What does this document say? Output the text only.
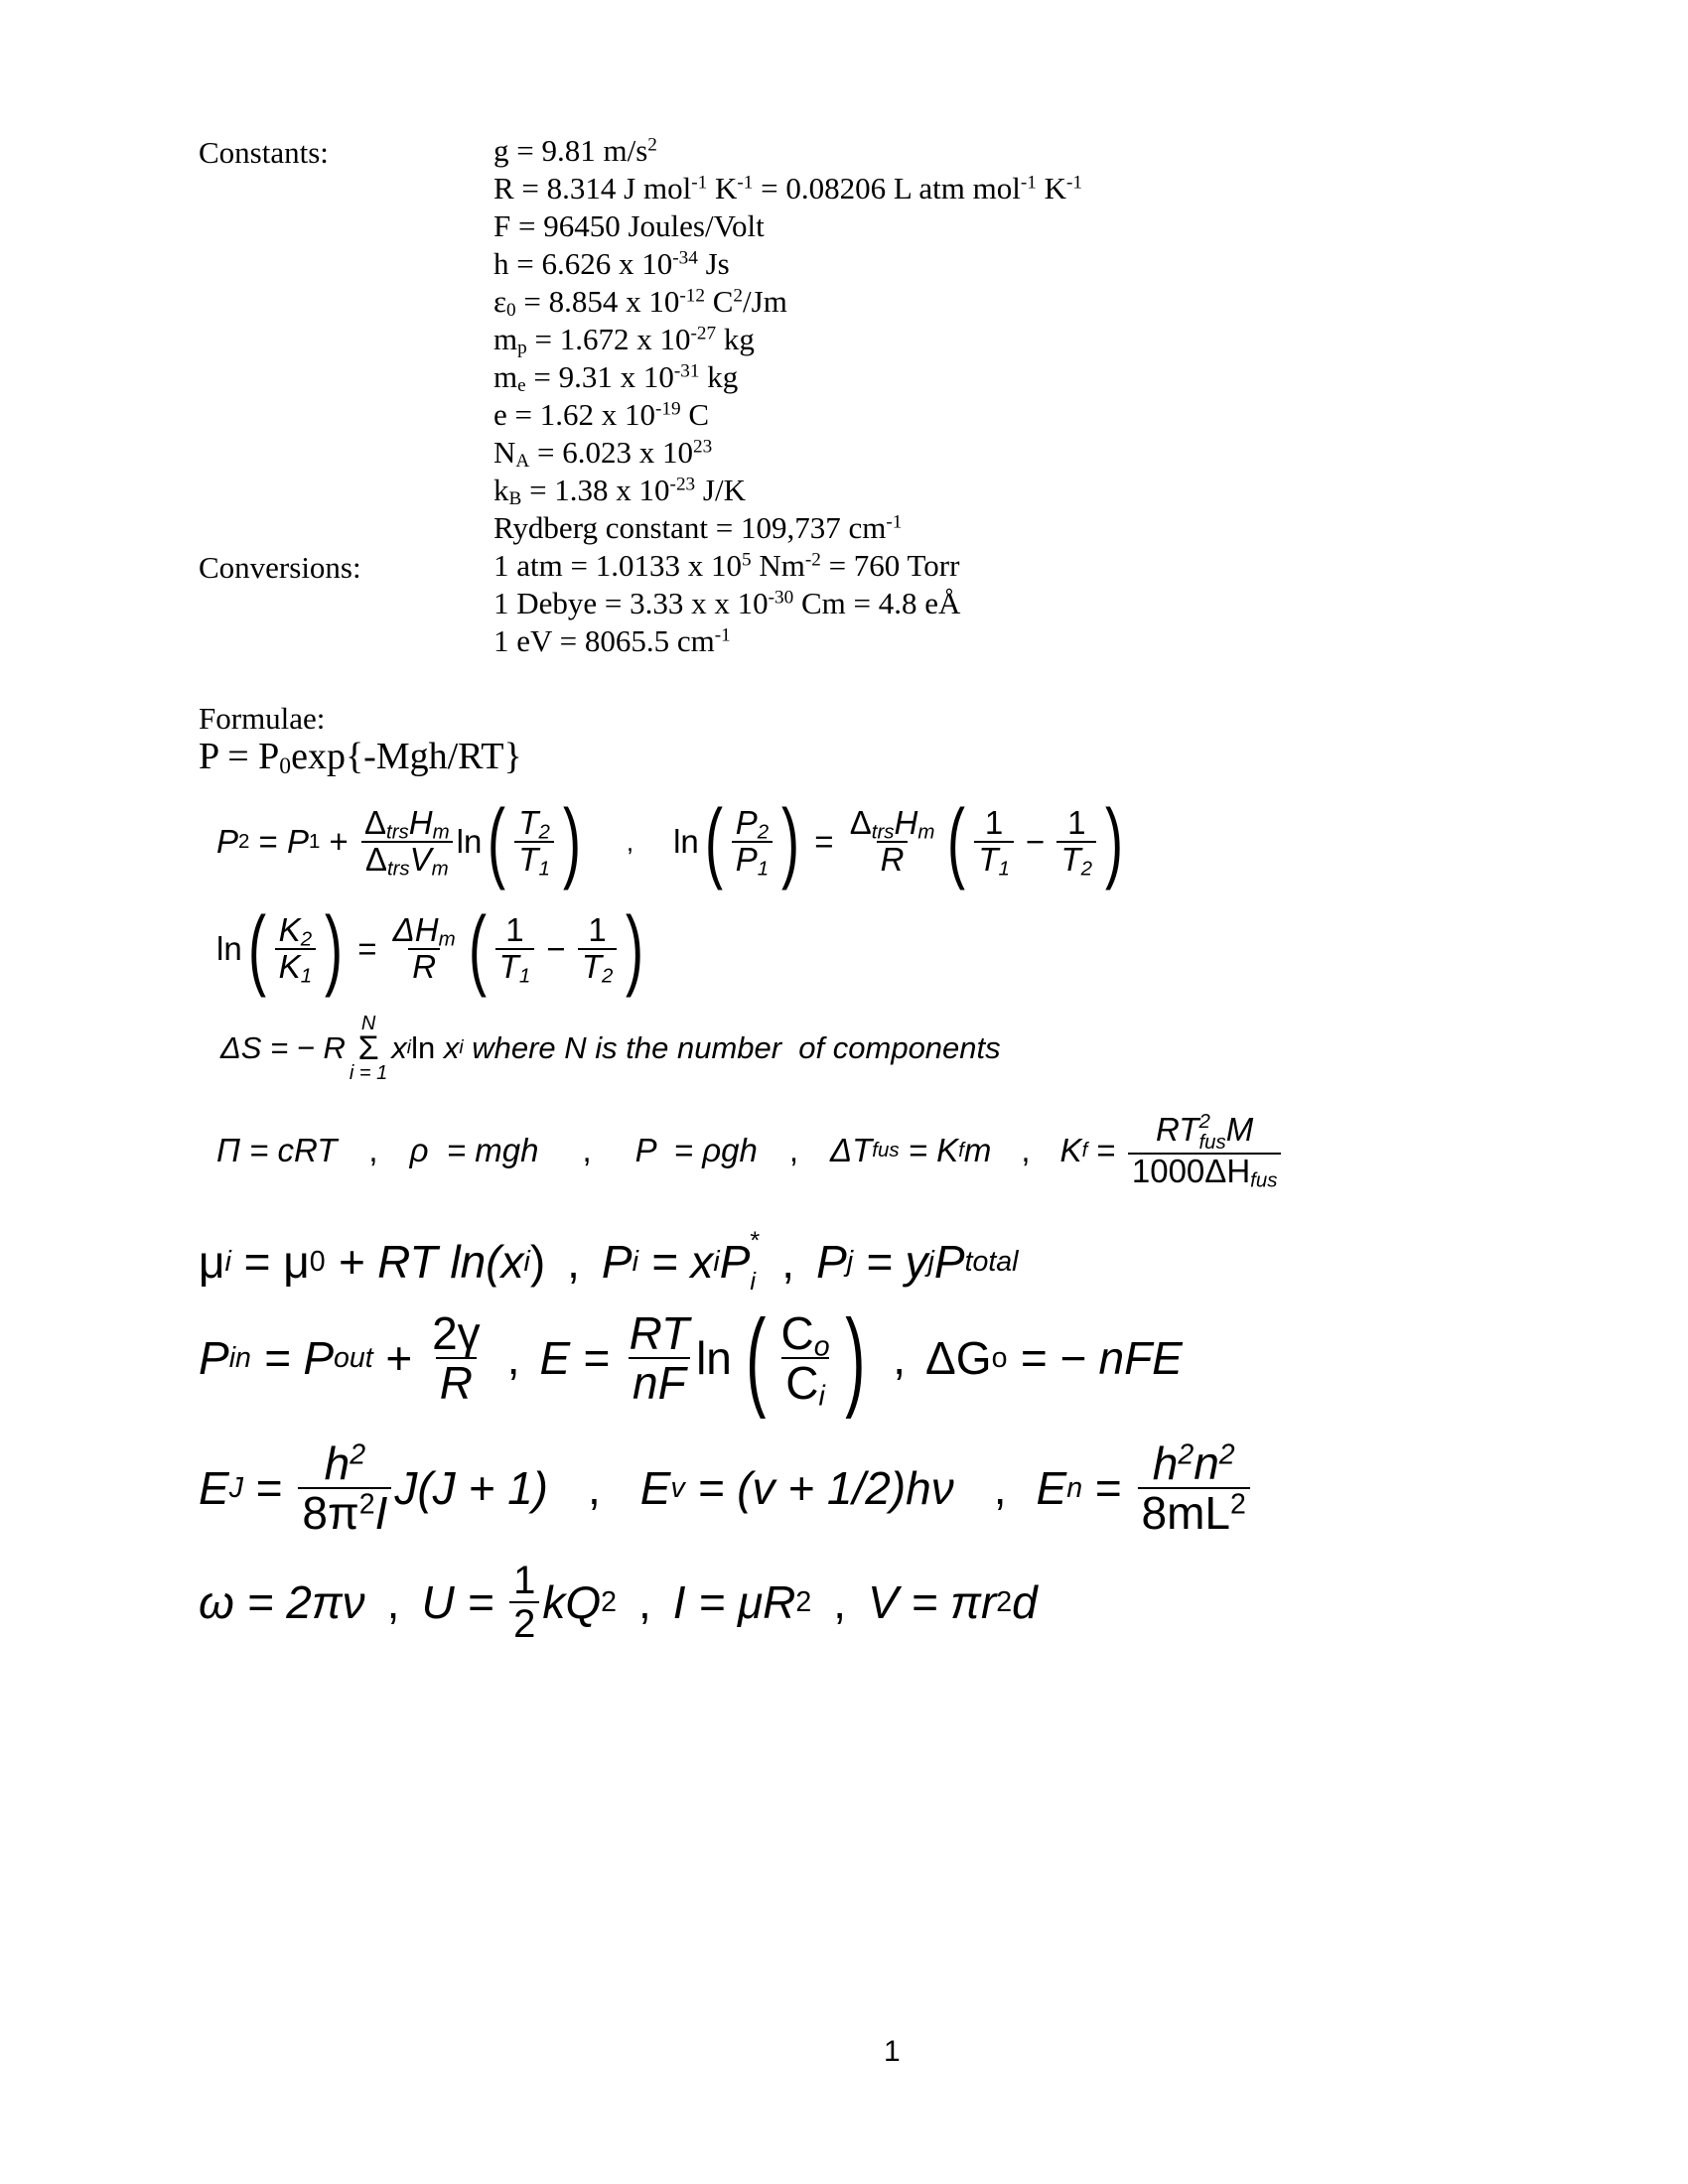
Constants:	g = 9.81 $m/s^2$
R = 8.314 J mol$^{-1}$ $K^{-1} = 0.08206$ L atm mol$^{-1}$ $K^{-1}$
F = 96450 Joules/Volt
h = 6.626 x $10^{-34}$ Js
$\varepsilon_0 = 8.854$ x $10^{-12}$ $C^2/Jm$
$m_p = 1.672$ x $10^{-27}$ kg
$m_e = 9.31$ x $10^{-31}$ kg
e = 1.62 x $10^{-19}$ C
$N_A = 6.023$ x $10^{23}$
$k_B = 1.38$ x $10^{-23}$ J/K
Rydberg constant = 109,737 $cm^{-1}$
Conversions:	1 atm = 1.0133 x $10^5$ $Nm^{-2} = 760$ Torr
1 Debye = 3.33 x x $10^{-30}$ Cm = 4.8 eÅ
1 eV = 8065.5 $cm^{-1}$
Formulae:
$P = P_0\exp\{-Mgh/RT\}$
P 2 = P $1 + \frac{\Delta_{trs}H_m}{\Delta_{trs}V_m}$ ln ( $\frac{T_2}{T_1}$ ) , ln ( $\frac{P_2}{P_1}$ ) = $\frac{\Delta_{trs}H_m}{R}$ ( $\frac{1}{T_1} - \frac{1}{T_2}$ )
ln ( $\frac{K_2}{K_1}$ ) = $\frac{\Delta H_m}{R}$ ( $\frac{1}{T_1} - \frac{1}{T_2}$ )
ΔS = − R
N
Σ
i = 1
x i ln x i where N is the number  of components
Π = cRT , ρ  = mgh , P  = ρgh , ΔT fus = K f m , K f = RT 2
fus M
$1000\Delta H_{fus}$
μ i = μ 0 + RT ln(x i ) , P i = x i P *
i , P j = y j P total
P in = P out + $\frac{2\gamma}{R}$ , $E = \frac{RT}{nF}$ ln ( $\frac{C_o}{C_i}$ ) , ΔG o = − nFE
E $J = \frac{h^2}{8\pi^2I} J(J + 1)$ , E v = (v + 1/2)hν , E $n = \frac{h^2n^2}{8mL^2}$
ω = 2πν , $U = \frac{1}{2}$ kQ 2 , I = μR 2 , V = πr 2 d
1
